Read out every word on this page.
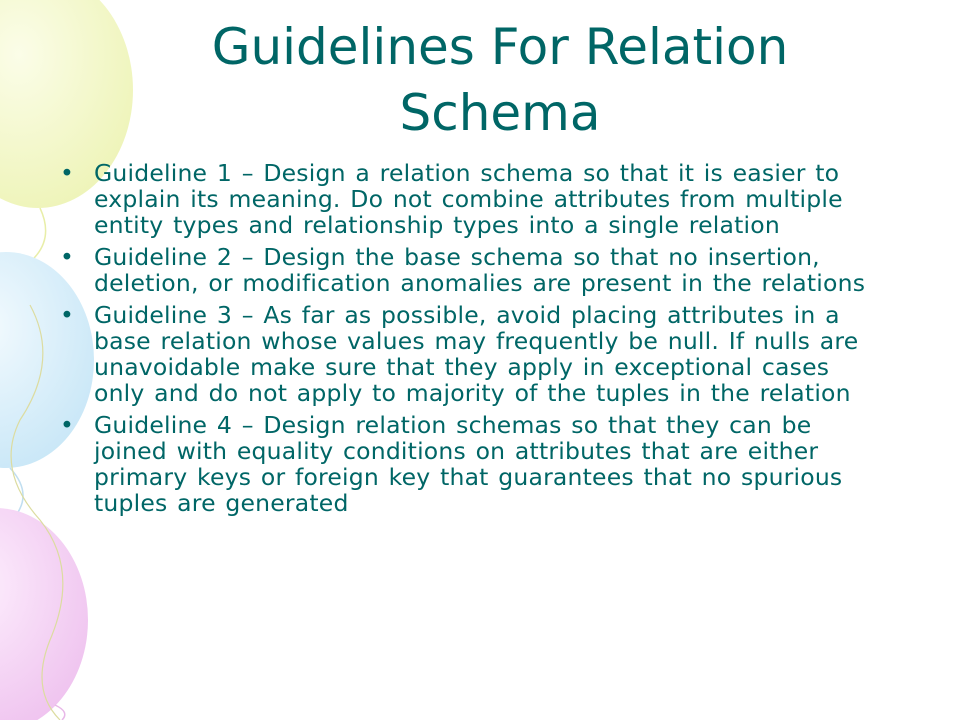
Guidelines For Relation Schema
• Guideline 1 – Design a relation schema so that it is easier to explain its meaning. Do not combine attributes from multiple entity types and relationship types into a single relation
• Guideline 2 – Design the base schema so that no insertion, deletion, or modification anomalies are present in the relations
• Guideline 3 – As far as possible, avoid placing attributes in a base relation whose values may frequently be null. If nulls are unavoidable make sure that they apply in exceptional cases only and do not apply to majority of the tuples in the relation
• Guideline 4 – Design relation schemas so that they can be joined with equality conditions on attributes that are either primary keys or foreign key that guarantees that no spurious tuples are generated
